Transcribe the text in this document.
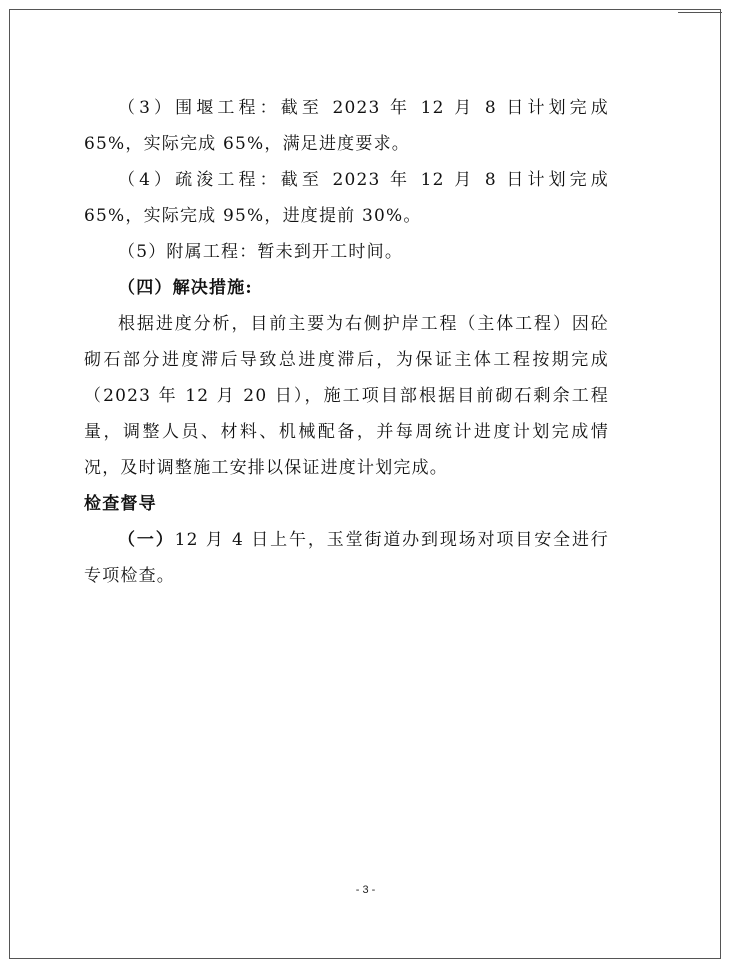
（3）围堰工程：截至 2023 年 12 月 8 日计划完成 65%，实际完成 65%，满足进度要求。

（4）疏浚工程：截至 2023 年 12 月 8 日计划完成 65%，实际完成 95%，进度提前 30%。

（5）附属工程：暂未到开工时间。

（四）解决措施:

根据进度分析，目前主要为右侧护岸工程（主体工程）因砼砌石部分进度滞后导致总进度滞后，为保证主体工程按期完成（2023 年 12 月 20 日），施工项目部根据目前砌石剩余工程量，调整人员、材料、机械配备，并每周统计进度计划完成情况，及时调整施工安排以保证进度计划完成。

检查督导

（一）12 月 4 日上午，玉堂街道办到现场对项目安全进行专项检查。

- 3 -
